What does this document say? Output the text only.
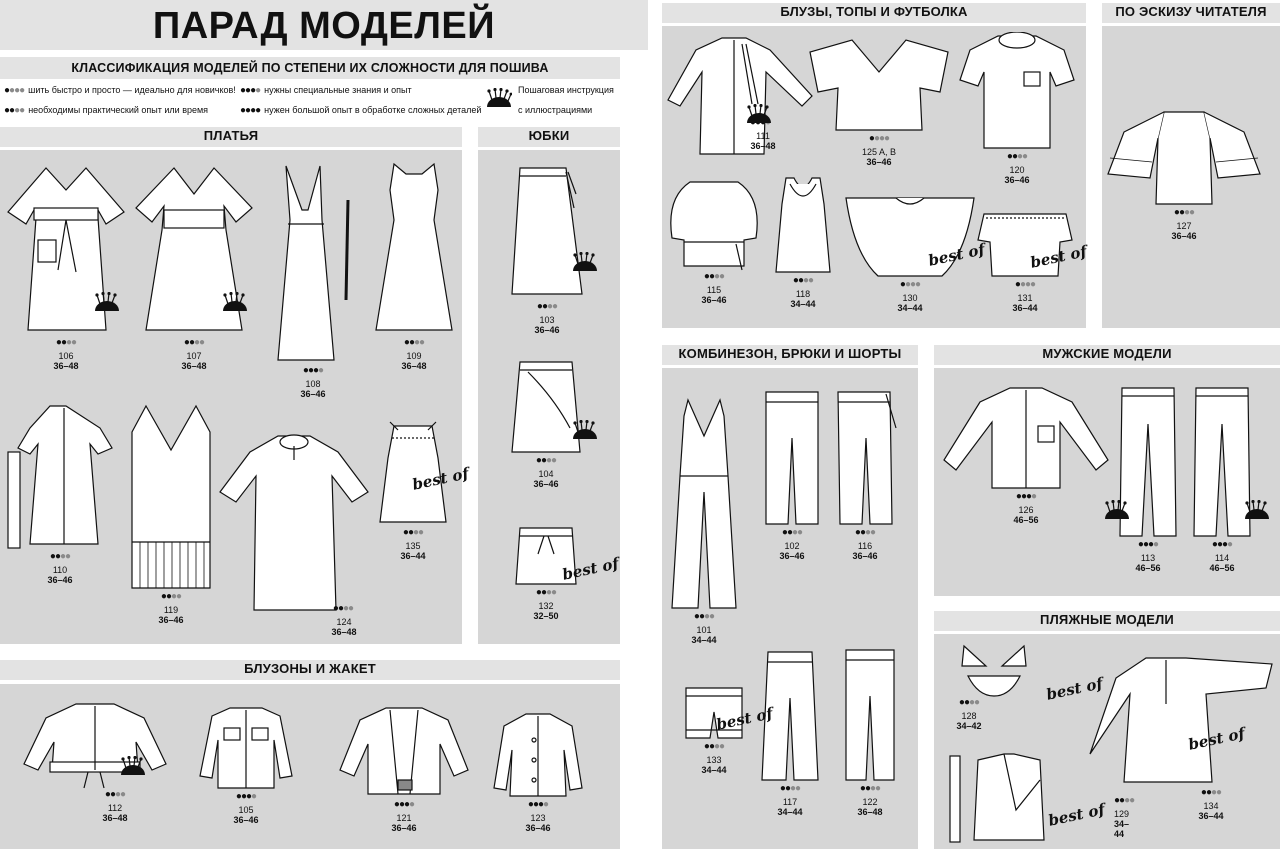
ПАРАД МОДЕЛЕЙ
КЛАССИФИКАЦИЯ МОДЕЛЕЙ ПО СТЕПЕНИ ИХ СЛОЖНОСТИ ДЛЯ ПОШИВА
●●●● шить быстро и просто — идеально для новичков!
●●●● необходимы практический опыт или время
●●●● нужны специальные знания и опыт
●●●● нужен большой опыт в обработке сложных деталей
Пошаговая инструкция
с иллюстрациями
ПЛАТЬЯ	ЮБКИ
БЛУЗОНЫ И ЖАКЕТ
БЛУЗЫ, ТОПЫ И ФУТБОЛКА	ПО ЭСКИЗУ ЧИТАТЕЛЯ
КОМБИНЕЗОН, БРЮКИ И ШОРТЫ	МУЖСКИЕ МОДЕЛИ
ПЛЯЖНЫЕ МОДЕЛИ
●●●●
106
36–48
●●●●
107
36–48	●●●●
108
36–46
●●●●
109
36–48
●●●●
110
36–46
●●●●
119
36–46
●●●●
124
36–48
●●●●
135
36–44
●●●●
103
36–46
●●●●
104
36–46
●●●●
132
32–50
●●●●
112
36–48
●●●●
105
36–46
●●●●
121
36–46
●●●●
123
36–46
111
36–48
●●●●
125 A, B
36–46	●●●●
120
36–46
●●●●
115
36–46
●●●●
118
34–44
●●●●
130
34–44
●●●●
131
36–44
●●●●
127
36–46
●●●●
101
34–44
●●●●
102
36–46
●●●●
116
36–46
●●●●
133
34–44
●●●●
117
34–44
●●●●
122
36–48
●●●●
126
46–56
●●●●
113
46–56
●●●●
114
46–56
●●●●
128
34–42
●●●●
●●●●
134
36–44
best of
best of
best of	best of
best of
best of
best of
best of
